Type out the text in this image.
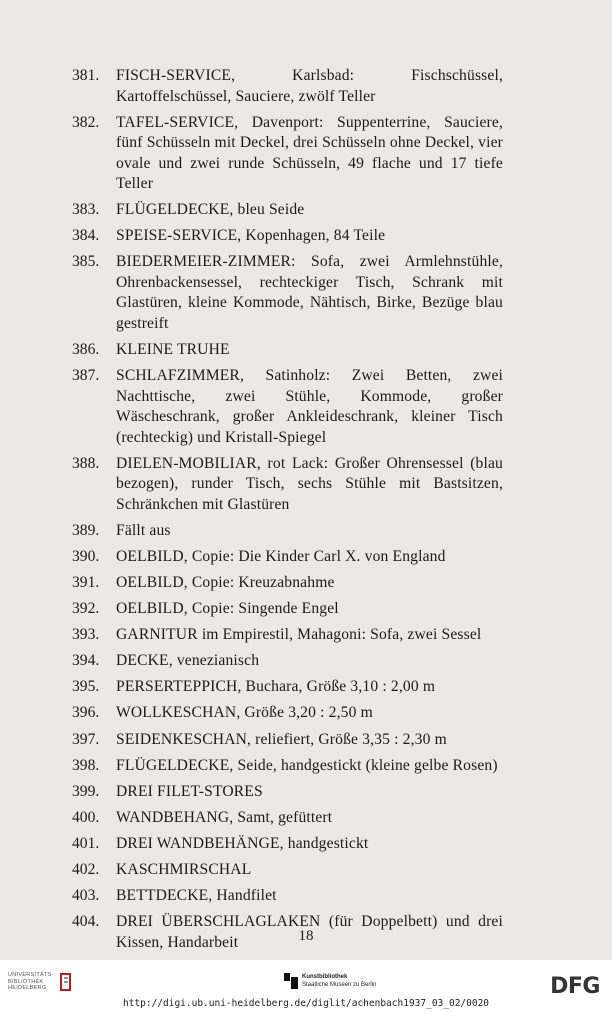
381.	FISCH-SERVICE, Karlsbad: Fischschüssel, Kartoffelschüssel, Sauciere, zwölf Teller
382.	TAFEL-SERVICE, Davenport: Suppenterrine, Sauciere, fünf Schüsseln mit Deckel, drei Schüsseln ohne Deckel, vier ovale und zwei runde Schüsseln, 49 flache und 17 tiefe Teller
383.	FLÜGELDECKE, bleu Seide
384.	SPEISE-SERVICE, Kopenhagen, 84 Teile
385.	BIEDERMEIER-ZIMMER: Sofa, zwei Armlehnstühle, Ohrenbackensessel, rechteckiger Tisch, Schrank mit Glastüren, kleine Kommode, Nähtisch, Birke, Bezüge blau gestreift
386.	KLEINE TRUHE
387.	SCHLAFZIMMER, Satinholz: Zwei Betten, zwei Nachttische, zwei Stühle, Kommode, großer Wäscheschrank, großer Ankleideschrank, kleiner Tisch (rechteckig) und Kristall-Spiegel
388.	DIELEN-MOBILIAR, rot Lack: Großer Ohrensessel (blau bezogen), runder Tisch, sechs Stühle mit Bastsitzen, Schränkchen mit Glastüren
389.	Fällt aus
390.	OELBILD, Copie: Die Kinder Carl X. von England
391.	OELBILD, Copie: Kreuzabnahme
392.	OELBILD, Copie: Singende Engel
393.	GARNITUR im Empirestil, Mahagoni: Sofa, zwei Sessel
394.	DECKE, venezianisch
395.	PERSERTEPPICH, Buchara, Größe 3,10 : 2,00 m
396.	WOLLKESCHAN, Größe 3,20 : 2,50 m
397.	SEIDENKESCHAN, reliefiert, Größe 3,35 : 2,30 m
398.	FLÜGELDECKE, Seide, handgestickt (kleine gelbe Rosen)
399.	DREI FILET-STORES
400.	WANDBEHANG, Samt, gefüttert
401.	DREI WANDBEHÄNGE, handgestickt
402.	KASCHMIRSCHAL
403.	BETTDECKE, Handfilet
404.	DREI ÜBERSCHLAGLAKEN (für Doppelbett) und drei Kissen, Handarbeit	18
UNIVERSITÄTS-
BIBLIOTHEK
HEIDELBERG
Kunstbibliothek
Staatliche Museen zu Berlin	DFG
http://digi.ub.uni-heidelberg.de/diglit/achenbach1937_03_02/0020
